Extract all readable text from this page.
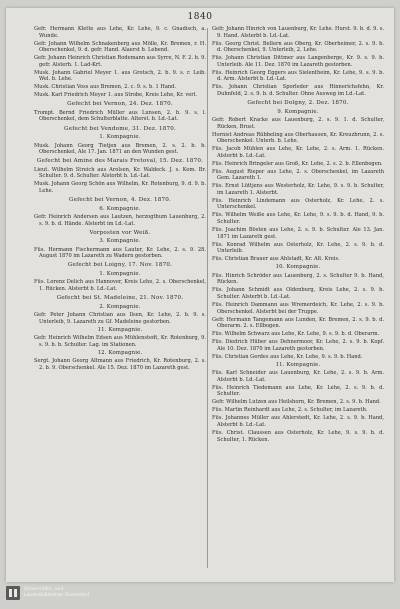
1840
Gefr. Hermann Klette aus Lehe, Kr. Lehe, 9. c. Gnadisch, a. Wunde.
Gefr. Johann Wilhelm Schnakenberg aus Mölle, Kr. Bremen, r. H. Oberschenkel, 9. d. gefr. Hand. Alaerst b. Lebend.
Gefr. Johann Heinrich Christian Rodemann aus Syrre, N. F. 2. b. 9. gefr. Alsterb. 1. Lad-Krt.
Musk. Johann Gabriel Meyer 1. aus Grotsch, 2. b. 9. s. r. Leib. Wel. b. Lehe.
Musk. Christian Voss aus Bremen, 2. c. 9. s. b. 1 Hand.
Musk. Karl Friedrich Meyer 1. aus Strobe, Kreis Lehe, Kr. verl.
Gefecht bei Vernon, 24. Dez. 1870.
Trompt. Bernd Friedrich Müller aus Lunsen, 2. b. 9. s. l. Oberschenkel, dem Schulterblatte. Alterst. b. Ld.-Lat.
Gefecht bei Vendome, 31. Dez. 1870.
1. Kompagnie.
Musk. Johann Georg Tietjen aus Bremen, 2. s. 2. b. b. Oberschenkel, Ale 17. Jan. 1871 an den Wunden gest.
Gefecht bei Amine des Marais Fretoval, 15. Dez. 1870.
Lieut. Wilhelm Streich aus Arolsen, Kr. Waldeck. J. s. Kom. Br. Schulter. 9. d. Schulter. Alstorbt b. Ld.-Lat.
Musk. Johann Georg Schön aus Wilhelm, Kr. Rotenburg, 9. d. 9. b. Lehe.
Gefecht bei Vernon, 4. Dez. 1870.
6. Kompagnie.
Gefr. Heinrich Andersen aus Lautzen, herzogthum Lauenburg, 2. s. 9. b. d. Hände. Alsterbt im Ld.-Lat.
Vorposten vor Weiß.
3. Kompagnie.
Füs. Hermann Fischermann aus Lauter, Kr. Lehe, 2. s. 9. 28. August 1870 im Lazareth zu Wadern gestorben.
Gefecht bei Loigny, 17. Nov. 1870.
1. Kompagnie.
Füs. Lorenz Delich aus Hannover, Kreis Lehe, 2. s. Oberschenkel, 1. Rücken. Alsterbt b. Ld.-Lat.
Gefecht bei St. Madeleine, 21. Nov. 1870.
2. Kompagnie.
Gefr. Peter Johann Christian aus Ilsen, Kr. Lehe, 2. b. 9. s. Unterleib, 9. Lazareth zu Gf. Madeleine gestorben.
11. Kompagnie.
Gefr. Heinrich Wilhelm Edsen aus Mühlenstedt, Kr. Rotenburg, 9. s. 9. b. b. Schulter. Lag. im Stationen.
12. Kompagnie.
Sergt. Johann Georg Altmann aus Friedrich, Kr. Rotenburg, 2. s. 2. b. 9. Oberschenkel. Ale 15. Dez. 1870 im Lazareth gest.
Gefr. Johann Hinrich von Lauenburg, Kr. Lehe. Hurst. 9. b. d. 9. s. 9. Hand. Alsterbt b. Ld.-Lat.
Füs. Georg Christ. Bellern aus Oberg, Kr. Oberheimer, 2. s. 9. b. d. Oberschenkel, 9. Unterleib, 2. Lehe.
Füs. Johann Christian Dittmer aus Langenberge, Kr. 9. s. 9. b. Unterleib. Ale 11. Dez. 1870 im Lazareth gestorben.
Füs. Heinrich Georg Eggers aus Sielentheim, Kr. Lehe, 9. s. 9. b. d. Arm. Alsterbt b. Ld.-Lat.
Füs. Johann Christian Sporleder aus Hinnerichsfehn, Kr. Duhnfeld, 2. s. 9. b. d. Schulter. Ohne Ausweg im Ld.-Lat.
Gefecht bei Dolgny, 2. Dez. 1870.
9. Kompagnie.
Gefr. Robert Kracke aus Lauenburg, 2. s. 9. 1. d. Schulter, Rücken, Brust.
Hornist Andreas Rübbeling aus Oberhausen, Kr. Kreuzbrunn, 2. s. Oberschenkel. Unterb. b. Lehe.
Füs. Jacob Mühlen aus Lehe, Kr. Lehe, 2. s. Arm. 1. Rücken. Alsterbt b. Ld.-Lat.
Füs. Heinrich Bringeler aus Groß, Kr. Lehe, 2. s. 2. b. Ellenbogen.
Füs. August Rieper aus Lehe, 2. s. Oberschenkel, im Lazareth Gem. Lazareth 1.
Füs. Ernst Lüttjens aus Westerholz, Kr. Lehe, 9. s. 9. b. Schulter, im Lazareth 1. Alsterbt.
Füs. Heinrich Lindemann aus Osterholz, Kr. Lehe, 2. s. Unterschenkel.
Füs. Wilhelm Weiße aus Lehe, Kr. Lehe, 9. s. 9. b. d. Hand, 9. b. Schulter.
Füs. Joachim Bösten aus Lehe, 2. s. 9. b. Schulter. Ale 13. Jan. 1871 im Lazareth gest.
Füs. Konrad Wilhelm aus Osterholz, Kr. Lehe, 2. s. 9. b. d. Unterleib.
Füs. Christian Brauer aus Ahlstadt, Kr. Alt. Kreis.
10. Kompagnie.
Füs. Hinrich Schröder aus Lauenburg, 2. s. Schulter 9. b. Hand, Rücken.
Füs. Johann Schmidt aus Oldenburg, Kreis Lehe, 2. s. 9. b. Schulter. Alsterbt b. Ld.-Lat.
Füs. Heinrich Dammann aus Wremerdeich, Kr. Lehe, 2. s. 9. b. Oberschenkel. Alsterbt bei der Truppe.
Gefr. Hermann Tangemann aus Lunden, Kr. Bremen, 2. s. 9. b. d. Oberarm. 2. s. Ellbogen.
Füs. Wilhelm Schwarz aus Lehe, Kr. Lehe, 9. s. 9. b. d. Oberarm.
Füs. Diedrich Hüber aus Dehnermoor, Kr. Lehe, 2. s. 9. b. Kopf. Ale 10. Dez. 1870 im Lazareth gestorben.
Füs. Christian Gerdes aus Lehe, Kr. Lehe, 9. s. 9. b. Hand.
11. Kompagnie.
Füs. Karl Schneider aus Lauenburg, Kr. Lehe, 2. s. 9. b. Arm. Alsterbt b. Ld.-Lat.
Füs. Heinrich Tiedemann aus Lehe, Kr. Lehe, 2. s. 9. b. d. Schulter.
Gefr. Wilhelm Lutzen aus Heilshorn, Kr. Bremen, 2. s. 9. b. Hand.
Füs. Martin Reinhardt aus Lehe, 2. s. Schulter, im Lazareth.
Füs. Johannes Müller aus Ahlerstedt, Kr. Lehe, 2. s. 9. b. Hand, Alsterbt b. Ld.-Lat.
Füs. Christ. Claussen aus Osterholz, Kr. Lehe, 9. s. 9. b. d. Schulter, 1. Rücken.
Universitäts- und
Landesbibliothek Düsseldorf
